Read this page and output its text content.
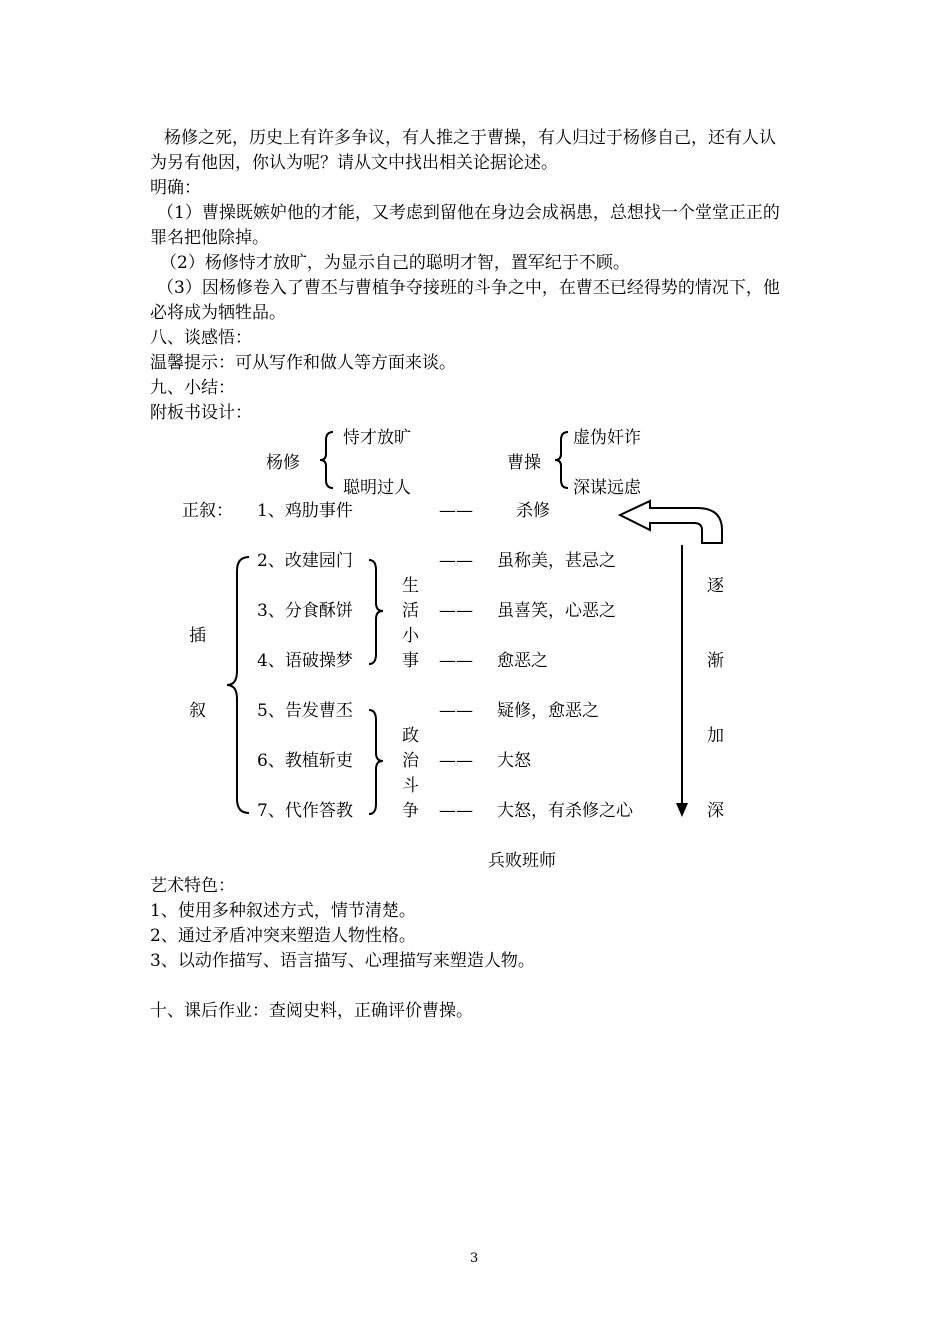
杨修之死，历史上有许多争议，有人推之于曹操，有人归过于杨修自己，还有人认
为另有他因，你认为呢？请从文中找出相关论据论述。
明确：
（1）曹操既嫉妒他的才能，又考虑到留他在身边会成祸患，总想找一个堂堂正正的
罪名把他除掉。
（2）杨修恃才放旷，为显示自己的聪明才智，置军纪于不顾。
（3）因杨修卷入了曹丕与曹植争夺接班的斗争之中，在曹丕已经得势的情况下，他
必将成为牺牲品。
八、谈感悟：
温馨提示：可从写作和做人等方面来谈。
九、小结：
附板书设计：
杨修
恃才放旷
聪明过人
曹操
虚伪奸诈
深谋远虑
正叙： 1、鸡肋事件	——	杀修
插
叙
2、改建园门
3、分食酥饼
4、语破操梦
5、告发曹丕
6、教植斩吏
7、代作答教
生
活
小
事
政
治
斗
争
——
——
——
——
——
——
虽称美，甚忌之
虽喜笑，心恶之
愈恶之
疑修，愈恶之
大怒
大怒，有杀修之心
逐
渐
加
深
兵败班师
艺术特色：
1、使用多种叙述方式，情节清楚。
2、通过矛盾冲突来塑造人物性格。
3、以动作描写、语言描写、心理描写来塑造人物。
十、课后作业：查阅史料，正确评价曹操。
3
